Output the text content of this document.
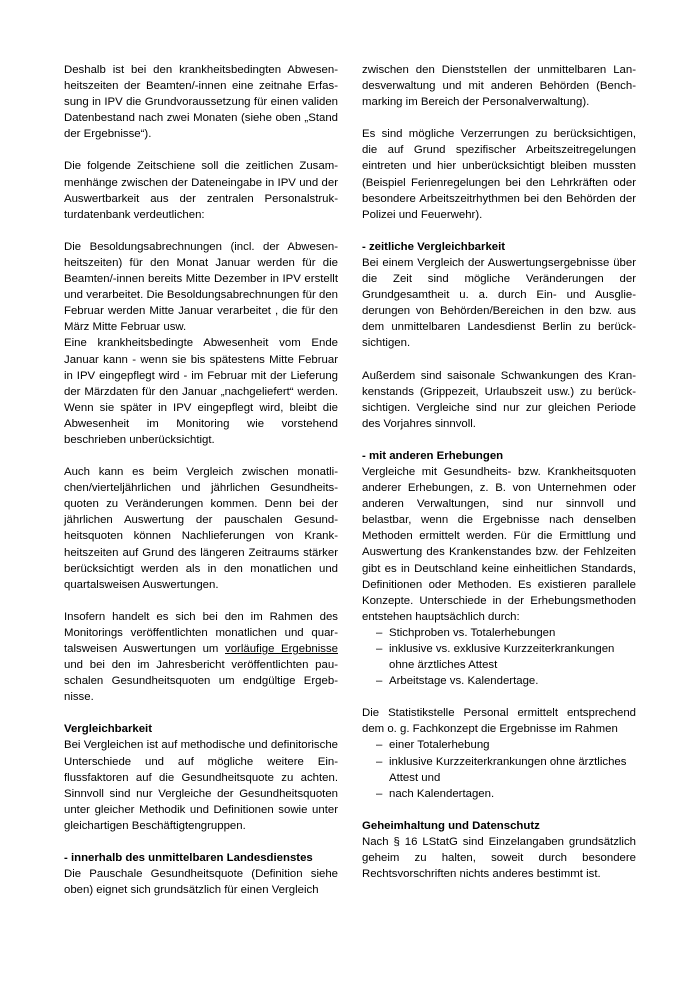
Deshalb ist bei den krankheitsbedingten Abwesenheitszeiten der Beamten/-innen eine zeitnahe Erfassung in IPV die Grundvoraussetzung für einen validen Datenbestand nach zwei Monaten (siehe oben „Stand der Ergebnisse“).

Die folgende Zeitschiene soll die zeitlichen Zusammenhänge zwischen der Dateneingabe in IPV und der Auswertbarkeit aus der zentralen Personalstrukturdatenbank verdeutlichen:

Die Besoldungsabrechnungen (incl. der Abwesenheitszeiten) für den Monat Januar werden für die Beamten/-innen bereits Mitte Dezember in IPV erstellt und verarbeitet. Die Besoldungsabrechnungen für den Februar werden Mitte Januar verarbeitet , die für den März Mitte Februar usw.

Eine krankheitsbedingte Abwesenheit vom Ende Januar kann - wenn sie bis spätestens Mitte Februar in IPV eingepflegt wird - im Februar mit der Lieferung der Märzdaten für den Januar „nachgeliefert“ werden. Wenn sie später in IPV eingepflegt wird, bleibt die Abwesenheit im Monitoring wie vorstehend beschrieben unberücksichtigt.

Auch kann es beim Vergleich zwischen monatlichen/vierteljährlichen und jährlichen Gesundheitsquoten zu Veränderungen kommen. Denn bei der jährlichen Auswertung der pauschalen Gesundheitsquoten können Nachlieferungen von Krankheitszeiten auf Grund des längeren Zeitraums stärker berücksichtigt werden als in den monatlichen und quartalsweisen Auswertungen.

Insofern handelt es sich bei den im Rahmen des Monitorings veröffentlichten monatlichen und quartalsweisen Auswertungen um vorläufige Ergebnisse und bei den im Jahresbericht veröffentlichten pauschalen Gesundheitsquoten um endgültige Ergebnisse.

Vergleichbarkeit

Bei Vergleichen ist auf methodische und definitorische Unterschiede und auf mögliche weitere Einflussfaktoren auf die Gesundheitsquote zu achten. Sinnvoll sind nur Vergleiche der Gesundheitsquoten unter gleicher Methodik und Definitionen sowie unter gleichartigen Beschäftigtengruppen.

- innerhalb des unmittelbaren Landesdienstes

Die Pauschale Gesundheitsquote (Definition siehe oben) eignet sich grundsätzlich für einen Vergleich

zwischen den Dienststellen der unmittelbaren Landesverwaltung und mit anderen Behörden (Benchmarking im Bereich der Personalverwaltung).

Es sind mögliche Verzerrungen zu berücksichtigen, die auf Grund spezifischer Arbeitszeitregelungen eintreten und hier unberücksichtigt bleiben mussten (Beispiel Ferienregelungen bei den Lehrkräften oder besondere Arbeitszeitrhythmen bei den Behörden der Polizei und Feuerwehr).

- zeitliche Vergleichbarkeit

Bei einem Vergleich der Auswertungsergebnisse über die Zeit sind mögliche Veränderungen der Grundgesamtheit u. a. durch Ein- und Ausgliederungen von Behörden/Bereichen in den bzw. aus dem unmittelbaren Landesdienst Berlin zu berücksichtigen.

Außerdem sind saisonale Schwankungen des Krankenstands (Grippezeit, Urlaubszeit usw.) zu berücksichtigen. Vergleiche sind nur zur gleichen Periode des Vorjahres sinnvoll.

- mit anderen Erhebungen

Vergleiche mit Gesundheits- bzw. Krankheitsquoten anderer Erhebungen, z. B. von Unternehmen oder anderen Verwaltungen, sind nur sinnvoll und belastbar, wenn die Ergebnisse nach denselben Methoden ermittelt werden. Für die Ermittlung und Auswertung des Krankenstandes bzw. der Fehlzeiten gibt es in Deutschland keine einheitlichen Standards, Definitionen oder Methoden. Es existieren parallele Konzepte. Unterschiede in der Erhebungsmethoden entstehen hauptsächlich durch:

– Stichproben vs. Totalerhebungen
– inklusive vs. exklusive Kurzzeiterkrankungen ohne ärztliches Attest
– Arbeitstage vs. Kalendertage.

Die Statistikstelle Personal ermittelt entsprechend dem o. g. Fachkonzept die Ergebnisse im Rahmen

– einer Totalerhebung
– inklusive Kurzzeiterkrankungen ohne ärztliches Attest und
– nach Kalendertagen.
Geheimhaltung und Datenschutz

Nach § 16 LStatG sind Einzelangaben grundsätzlich geheim zu halten, soweit durch besondere Rechtsvorschriften nichts anderes bestimmt ist.
